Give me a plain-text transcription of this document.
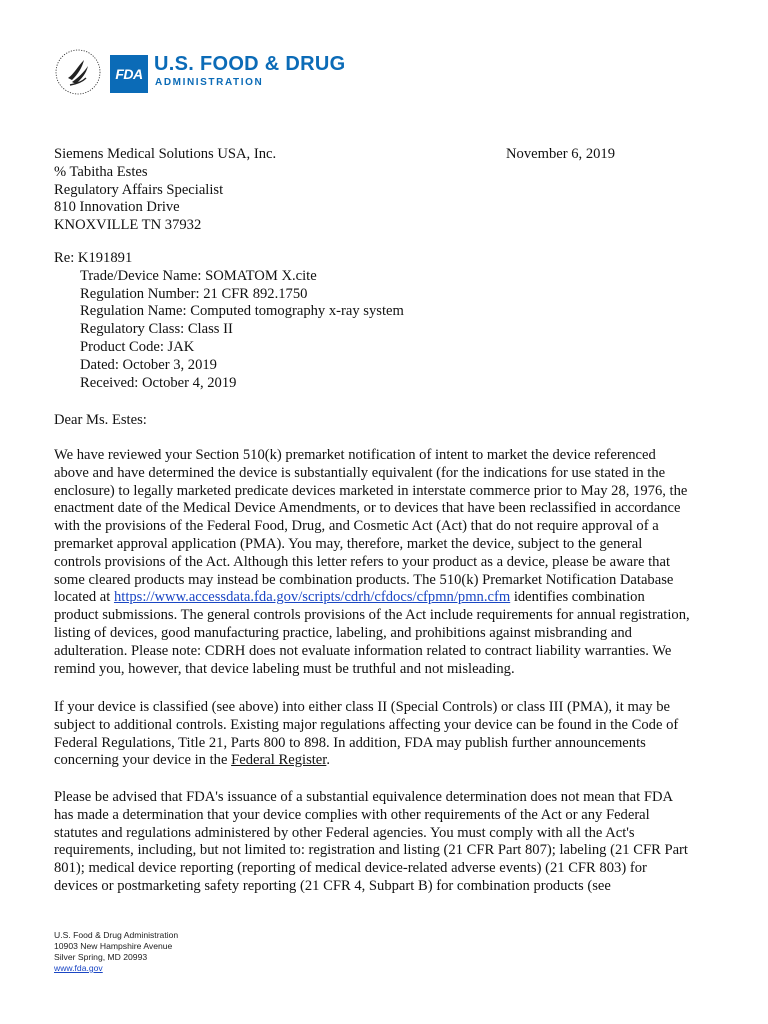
FDA U.S. FOOD & DRUG
ADMINISTRATION
Siemens Medical Solutions USA, Inc.
% Tabitha Estes
Regulatory Affairs Specialist
810 Innovation Drive
KNOXVILLE TN 37932
November 6, 2019
Re: K191891
Trade/Device Name: SOMATOM X.cite
Regulation Number: 21 CFR 892.1750
Regulation Name: Computed tomography x-ray system
Regulatory Class: Class II
Product Code: JAK
Dated: October 3, 2019
Received: October 4, 2019
Dear Ms. Estes:

We have reviewed your Section 510(k) premarket notification of intent to market the device referenced
above and have determined the device is substantially equivalent (for the indications for use stated in the
enclosure) to legally marketed predicate devices marketed in interstate commerce prior to May 28, 1976, the
enactment date of the Medical Device Amendments, or to devices that have been reclassified in accordance
with the provisions of the Federal Food, Drug, and Cosmetic Act (Act) that do not require approval of a
premarket approval application (PMA). You may, therefore, market the device, subject to the general
controls provisions of the Act. Although this letter refers to your product as a device, please be aware that
some cleared products may instead be combination products. The 510(k) Premarket Notification Database
located at https://www.accessdata.fda.gov/scripts/cdrh/cfdocs/cfpmn/pmn.cfm identifies combination
product submissions. The general controls provisions of the Act include requirements for annual registration,
listing of devices, good manufacturing practice, labeling, and prohibitions against misbranding and
adulteration. Please note: CDRH does not evaluate information related to contract liability warranties. We
remind you, however, that device labeling must be truthful and not misleading.

If your device is classified (see above) into either class II (Special Controls) or class III (PMA), it may be
subject to additional controls. Existing major regulations affecting your device can be found in the Code of
Federal Regulations, Title 21, Parts 800 to 898. In addition, FDA may publish further announcements
concerning your device in the Federal Register.

Please be advised that FDA's issuance of a substantial equivalence determination does not mean that FDA
has made a determination that your device complies with other requirements of the Act or any Federal
statutes and regulations administered by other Federal agencies. You must comply with all the Act's
requirements, including, but not limited to: registration and listing (21 CFR Part 807); labeling (21 CFR Part
801); medical device reporting (reporting of medical device-related adverse events) (21 CFR 803) for
devices or postmarketing safety reporting (21 CFR 4, Subpart B) for combination products (see

U.S. Food & Drug Administration
10903 New Hampshire Avenue
Silver Spring, MD 20993
www.fda.gov
